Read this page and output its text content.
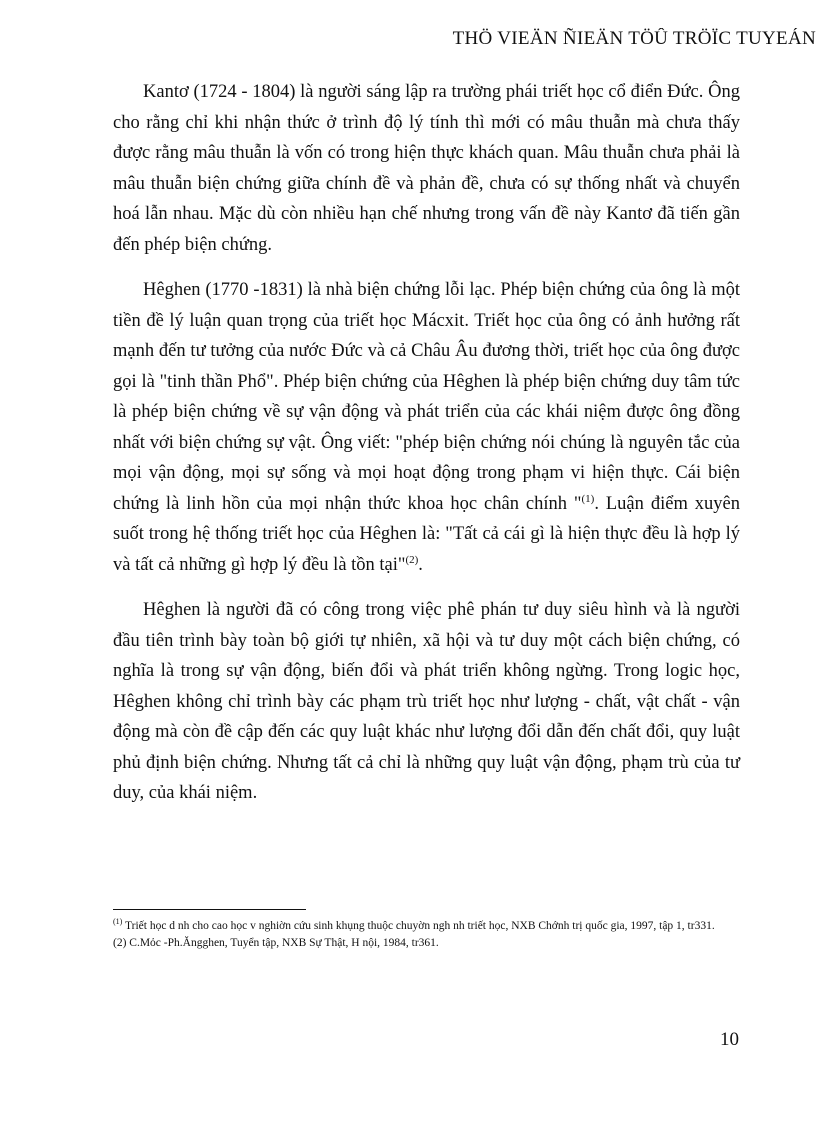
THÖ VIEÄN ÑIEÄN TÖÛ TRÖÏC TUYEÁN

Kantơ (1724 - 1804) là người sáng lập ra trường phái triết học cổ điển Đức. Ông cho rằng chỉ khi nhận thức ở trình độ lý tính thì mới có mâu thuẫn mà chưa thấy được rằng mâu thuẫn là vốn có trong hiện thực khách quan. Mâu thuẫn chưa phải là mâu thuẫn biện chứng giữa chính đề và phản đề, chưa có sự thống nhất và chuyển hoá lẫn nhau. Mặc dù còn nhiều hạn chế nhưng trong vấn đề này Kantơ đã tiến gần đến phép biện chứng.

Hêghen (1770 -1831) là nhà biện chứng lỗi lạc. Phép biện chứng của ông là một tiền đề lý luận quan trọng của triết học Mácxit. Triết học của ông có ảnh hưởng rất mạnh đến tư tưởng của nước Đức và cả Châu Âu đương thời, triết học của ông được gọi là "tinh thần Phổ". Phép biện chứng của Hêghen là phép biện chứng duy tâm tức là phép biện chứng về sự vận động và phát triển của các khái niệm được ông đồng nhất với biện chứng sự vật. Ông viết: "phép biện chứng nói chúng là nguyên tắc của mọi vận động, mọi sự sống và mọi hoạt động trong phạm vi hiện thực. Cái biện chứng là linh hồn của mọi nhận thức khoa học chân chính "$^{(1)}$. Luận điểm xuyên suốt trong hệ thống triết học của Hêghen là: "Tất cả cái gì là hiện thực đều là hợp lý và tất cả những gì hợp lý đều là tồn tại"$^{(2)}$.

Hêghen là người đã có công trong việc phê phán tư duy siêu hình và là người đầu tiên trình bày toàn bộ giới tự nhiên, xã hội và tư duy một cách biện chứng, có nghĩa là trong sự vận động, biến đổi và phát triển không ngừng. Trong logic học, Hêghen không chỉ trình bày các phạm trù triết học như lượng - chất, vật chất - vận động mà còn đề cập đến các quy luật khác như lượng đổi dẫn đến chất đổi, quy luật phủ định biện chứng. Nhưng tất cả chỉ là những quy luật vận động, phạm trù của tư duy, của khái niệm.

$^{(1)}$ Triết học d nh cho cao học v nghiờn cứu sinh khụng thuộc chuyờn ngh nh triết học, NXB Chớnh trị quốc gia, 1997, tập 1, tr331.

(2) C.Mỏc -Ph.Ăngghen, Tuyển tập, NXB Sự Thật, H nội, 1984, tr361.

10
